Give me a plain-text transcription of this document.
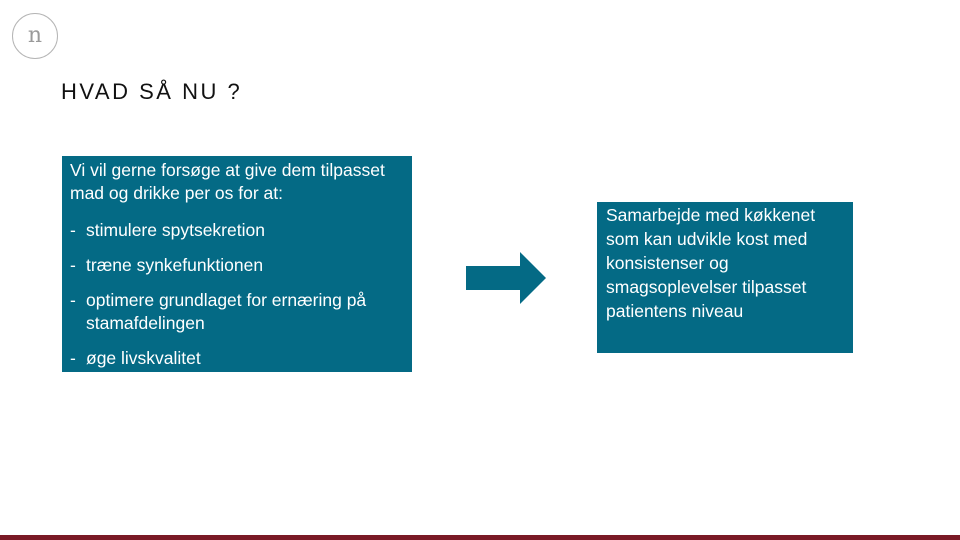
n
HVAD SÅ NU ?

Vi vil gerne forsøge at give dem tilpasset mad og drikke per os for at:

- stimulere spytsekretion
- træne synkefunktionen
- optimere grundlaget for ernæring på stamafdelingen
- øge livskvalitet
Samarbejde med køkkenet som kan udvikle kost med konsistenser og smagsoplevelser tilpasset patientens niveau
